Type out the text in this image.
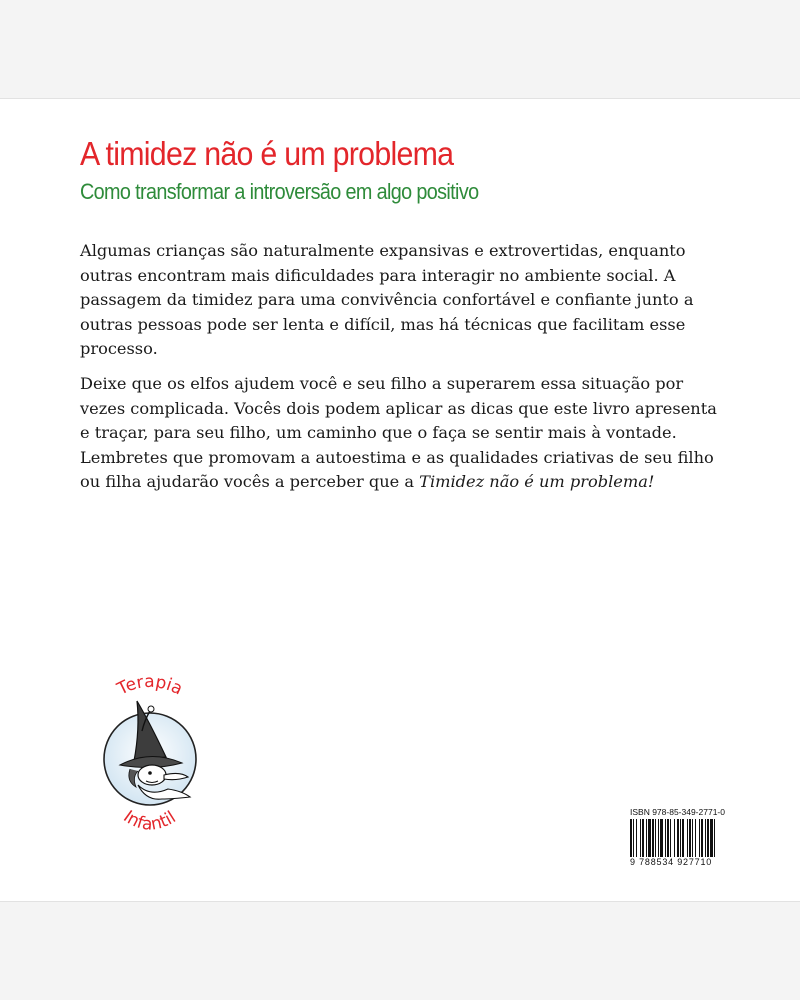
A timidez não é um problema
Como transformar a introversão em algo positivo

Algumas crianças são naturalmente expansivas e extrovertidas, enquanto outras encontram mais dificuldades para interagir no ambiente social. A passagem da timidez para uma convivência confortável e confiante junto a outras pessoas pode ser lenta e difícil, mas há técnicas que facilitam esse processo.

Deixe que os elfos ajudem você e seu filho a superarem essa situação por vezes complicada. Vocês dois podem aplicar as dicas que este livro apresenta e traçar, para seu filho, um caminho que o faça se sentir mais à vontade. Lembretes que promovam a autoestima e as qualidades criativas de seu filho ou filha ajudarão vocês a perceber que a Timidez não é um problema!

Terapia
Infantil	ISBN 978-85-349-2771-0
9 788534 927710
